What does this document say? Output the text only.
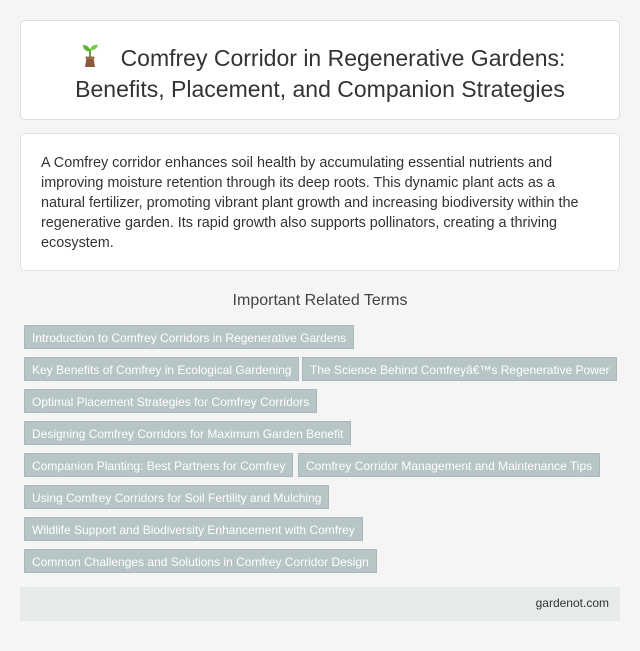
Comfrey Corridor in Regenerative Gardens:
Benefits, Placement, and Companion Strategies

A Comfrey corridor enhances soil health by accumulating essential nutrients and improving moisture retention through its deep roots. This dynamic plant acts as a natural fertilizer, promoting vibrant plant growth and increasing biodiversity within the regenerative garden. Its rapid growth also supports pollinators, creating a thriving ecosystem.

Important Related Terms
Introduction to Comfrey Corridors in Regenerative Gardens
Key Benefits of Comfrey in Ecological Gardening	The Science Behind Comfreyâ€™s Regenerative Power
Optimal Placement Strategies for Comfrey Corridors
Designing Comfrey Corridors for Maximum Garden Benefit
Companion Planting: Best Partners for Comfrey	Comfrey Corridor Management and Maintenance Tips
Using Comfrey Corridors for Soil Fertility and Mulching
Wildlife Support and Biodiversity Enhancement with Comfrey
Common Challenges and Solutions in Comfrey Corridor Design
gardenot.com
